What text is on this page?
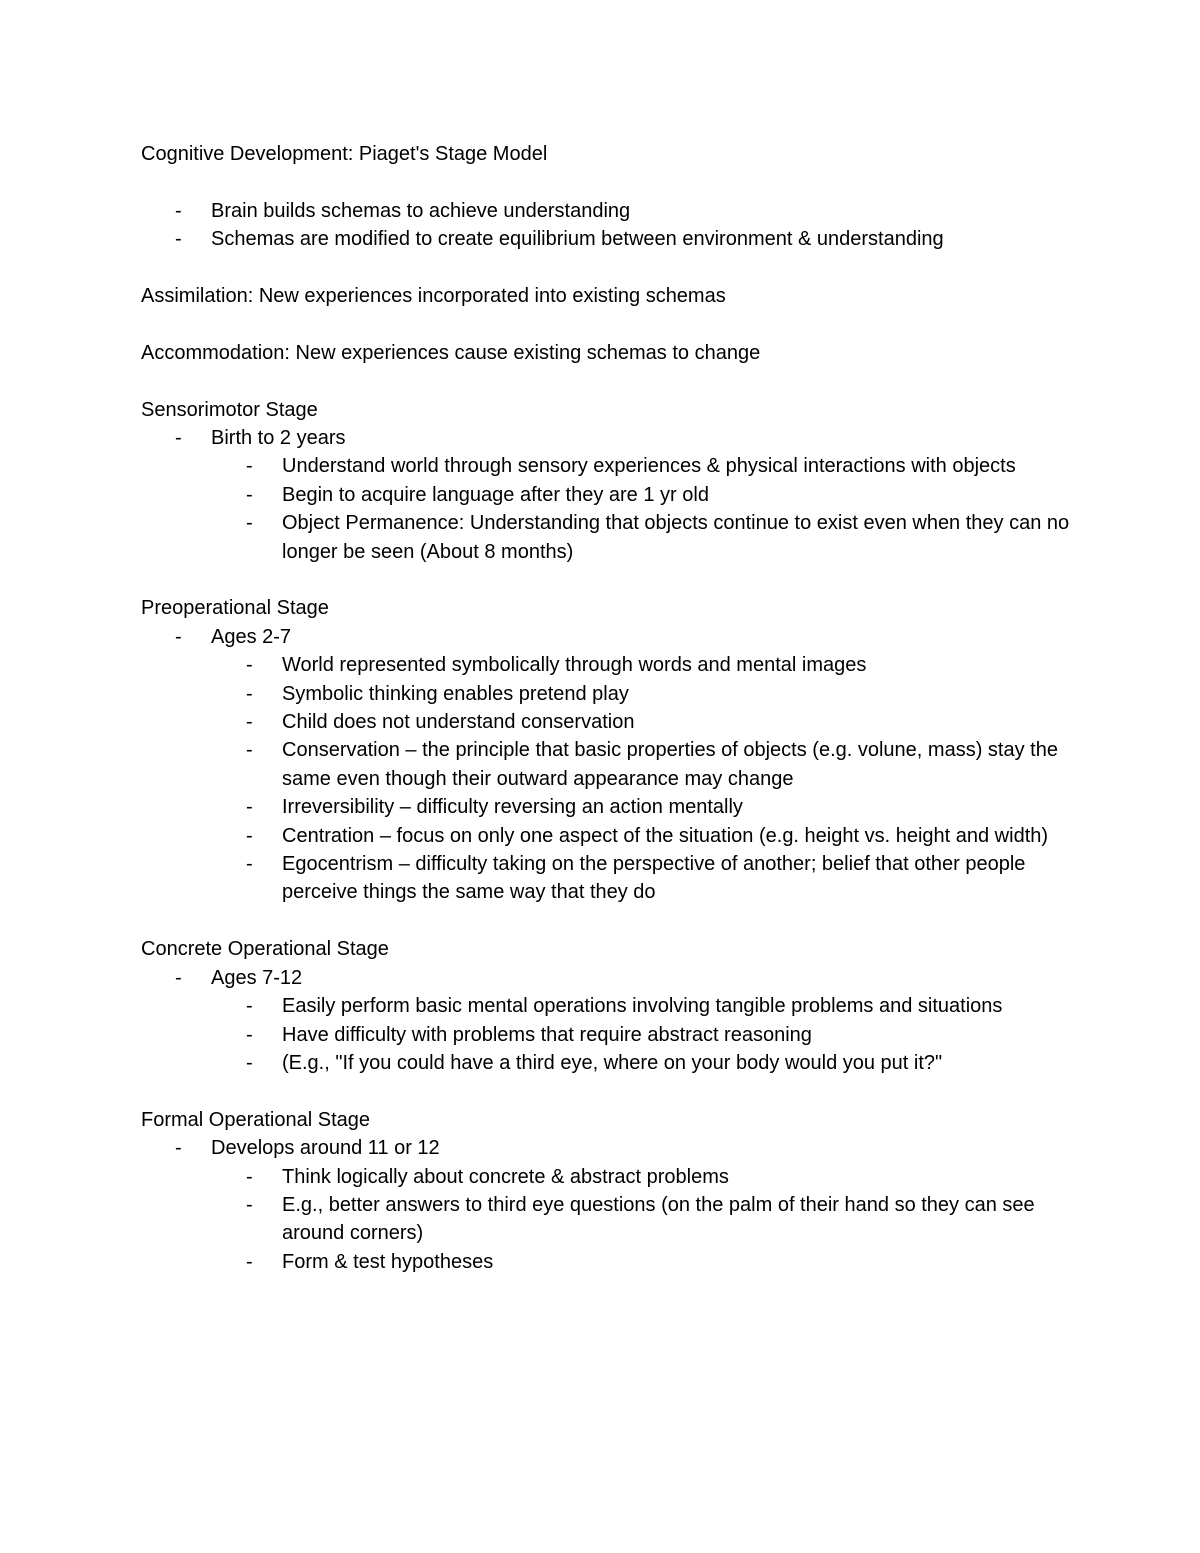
Cognitive Development: Piaget's Stage Model
- Brain builds schemas to achieve understanding
- Schemas are modified to create equilibrium between environment & understanding
Assimilation: New experiences incorporated into existing schemas
Accommodation: New experiences cause existing schemas to change
Sensorimotor Stage
- Birth to 2 years
- Understand world through sensory experiences & physical interactions with objects
- Begin to acquire language after they are 1 yr old
- Object Permanence: Understanding that objects continue to exist even when they can no longer be seen (About 8 months)
Preoperational Stage
- Ages 2-7
- World represented symbolically through words and mental images
- Symbolic thinking enables pretend play
- Child does not understand conservation
- Conservation – the principle that basic properties of objects (e.g. volune, mass) stay the same even though their outward appearance may change
- Irreversibility – difficulty reversing an action mentally
- Centration – focus on only one aspect of the situation (e.g. height vs. height and width)
- Egocentrism – difficulty taking on the perspective of another; belief that other people perceive things the same way that they do
Concrete Operational Stage
- Ages 7-12
- Easily perform basic mental operations involving tangible problems and situations
- Have difficulty with problems that require abstract reasoning
- (E.g., "If you could have a third eye, where on your body would you put it?"
Formal Operational Stage
- Develops around 11 or 12
- Think logically about concrete & abstract problems
- E.g., better answers to third eye questions (on the palm of their hand so they can see around corners)
- Form & test hypotheses
